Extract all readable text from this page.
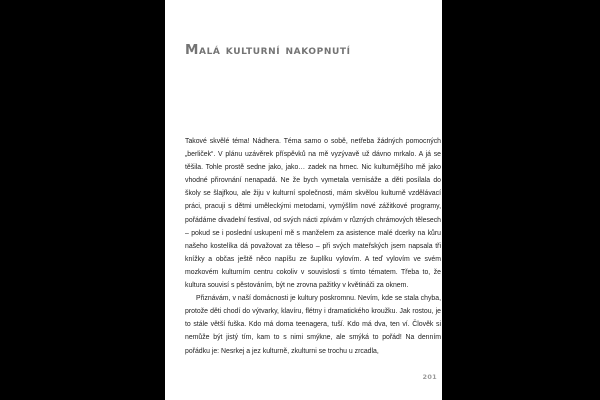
Malá kulturní nakopnutí

Takové skvělé téma! Nádhera. Téma samo o sobě, netřeba žádných pomocných „berliček“. V plánu uzávěrek příspěvků na mě vyzývavě už dávno mrkalo. A já se těšila. Tohle prostě sedne jako, jako… zadek na hrnec. Nic kulturnějšího mě jako vhodné přirovnání nenapadá. Ne že bych vymetala vernisáže a děti posílala do školy se šlajfkou, ale žiju v kulturní společnosti, mám skvělou kulturně vzdělávací práci, pracuji s dětmi uměleckými metodami, vymýšlím nové zážitkové programy, pořádáme divadelní festival, od svých nácti zpívám v různých chrámových tělesech – pokud se i poslední uskupení mě s manželem za asistence malé dcerky na kůru našeho kostelíka dá považovat za těleso – při svých mateřských jsem napsala tři knížky a občas ještě něco napíšu ze šuplíku vylovím. A teď vylovím ve svém mozkovém kulturním centru cokoliv v souvislosti s tímto tématem. Třeba to, že kultura souvisí s pěstováním, být ne zrovna pažitky v květináči za oknem.

Přiznávám, v naší domácnosti je kultury poskromnu. Nevím, kde se stala chyba, protože děti chodí do výtvarky, klavíru, flétny i dramatického kroužku. Jak rostou, je to stále větší fuška. Kdo má doma teenagera, tuší. Kdo má dva, ten ví. Člověk si nemůže být jistý tím, kam to s nimi smýkne, ale smýká to pořád! Na denním pořádku je: Nesrkej a jez kulturně, zkulturni se trochu u zrcadla,

201
